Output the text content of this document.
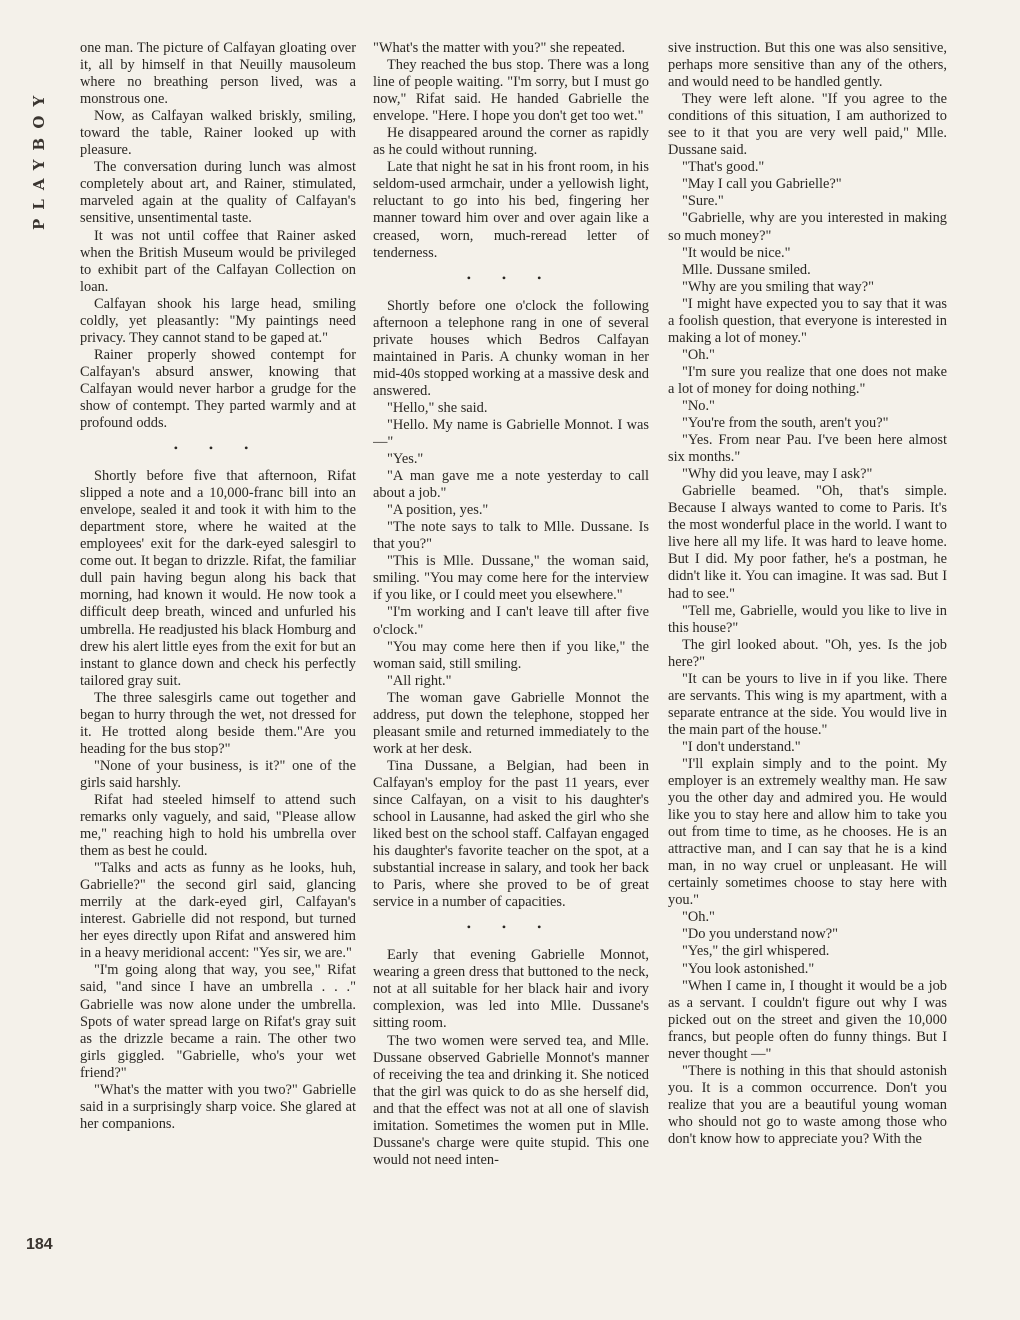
PLAYBOY

one man. The picture of Calfayan gloating over it, all by himself in that Neuilly mausoleum where no breathing person lived, was a monstrous one.

Now, as Calfayan walked briskly, smiling, toward the table, Rainer looked up with pleasure.

The conversation during lunch was almost completely about art, and Rainer, stimulated, marveled again at the quality of Calfayan's sensitive, unsentimental taste.

It was not until coffee that Rainer asked when the British Museum would be privileged to exhibit part of the Calfayan Collection on loan.

Calfayan shook his large head, smiling coldly, yet pleasantly: "My paintings need privacy. They cannot stand to be gaped at."

Rainer properly showed contempt for Calfayan's absurd answer, knowing that Calfayan would never harbor a grudge for the show of contempt. They parted warmly and at profound odds.

• • •

Shortly before five that afternoon, Rifat slipped a note and a 10,000-franc bill into an envelope, sealed it and took it with him to the department store, where he waited at the employees' exit for the dark-eyed salesgirl to come out. It began to drizzle. Rifat, the familiar dull pain having begun along his back that morning, had known it would. He now took a difficult deep breath, winced and unfurled his umbrella. He readjusted his black Homburg and drew his alert little eyes from the exit for but an instant to glance down and check his perfectly tailored gray suit.

The three salesgirls came out together and began to hurry through the wet, not dressed for it. He trotted along beside them."Are you heading for the bus stop?"

"None of your business, is it?" one of the girls said harshly.

Rifat had steeled himself to attend such remarks only vaguely, and said, "Please allow me," reaching high to hold his umbrella over them as best he could.

"Talks and acts as funny as he looks, huh, Gabrielle?" the second girl said, glancing merrily at the dark-eyed girl, Calfayan's interest. Gabrielle did not respond, but turned her eyes directly upon Rifat and answered him in a heavy meridional accent: "Yes sir, we are."

"I'm going along that way, you see," Rifat said, "and since I have an umbrella . . ." Gabrielle was now alone under the umbrella. Spots of water spread large on Rifat's gray suit as the drizzle became a rain. The other two girls giggled. "Gabrielle, who's your wet friend?"

"What's the matter with you two?" Gabrielle said in a surprisingly sharp voice. She glared at her companions.

"What's the matter with you?" she repeated.

They reached the bus stop. There was a long line of people waiting. "I'm sorry, but I must go now," Rifat said. He handed Gabrielle the envelope. "Here. I hope you don't get too wet."

He disappeared around the corner as rapidly as he could without running.

Late that night he sat in his front room, in his seldom-used armchair, under a yellowish light, reluctant to go into his bed, fingering her manner toward him over and over again like a creased, worn, much-reread letter of tenderness.

• • •

Shortly before one o'clock the following afternoon a telephone rang in one of several private houses which Bedros Calfayan maintained in Paris. A chunky woman in her mid-40s stopped working at a massive desk and answered.

"Hello," she said.

"Hello. My name is Gabrielle Monnot. I was —"

"Yes."

"A man gave me a note yesterday to call about a job."

"A position, yes."

"The note says to talk to Mlle. Dussane. Is that you?"

"This is Mlle. Dussane," the woman said, smiling. "You may come here for the interview if you like, or I could meet you elsewhere."

"I'm working and I can't leave till after five o'clock."

"You may come here then if you like," the woman said, still smiling.

"All right."

The woman gave Gabrielle Monnot the address, put down the telephone, stopped her pleasant smile and returned immediately to the work at her desk.

Tina Dussane, a Belgian, had been in Calfayan's employ for the past 11 years, ever since Calfayan, on a visit to his daughter's school in Lausanne, had asked the girl who she liked best on the school staff. Calfayan engaged his daughter's favorite teacher on the spot, at a substantial increase in salary, and took her back to Paris, where she proved to be of great service in a number of capacities.

• • •

Early that evening Gabrielle Monnot, wearing a green dress that buttoned to the neck, not at all suitable for her black hair and ivory complexion, was led into Mlle. Dussane's sitting room.

The two women were served tea, and Mlle. Dussane observed Gabrielle Monnot's manner of receiving the tea and drinking it. She noticed that the girl was quick to do as she herself did, and that the effect was not at all one of slavish imitation. Sometimes the women put in Mlle. Dussane's charge were quite stupid. This one would not need inten-

sive instruction. But this one was also sensitive, perhaps more sensitive than any of the others, and would need to be handled gently.

They were left alone. "If you agree to the conditions of this situation, I am authorized to see to it that you are very well paid," Mlle. Dussane said.

"That's good."

"May I call you Gabrielle?"

"Sure."

"Gabrielle, why are you interested in making so much money?"

"It would be nice."

Mlle. Dussane smiled.

"Why are you smiling that way?"

"I might have expected you to say that it was a foolish question, that everyone is interested in making a lot of money."

"Oh."

"I'm sure you realize that one does not make a lot of money for doing nothing."

"No."

"You're from the south, aren't you?"

"Yes. From near Pau. I've been here almost six months."

"Why did you leave, may I ask?"

Gabrielle beamed. "Oh, that's simple. Because I always wanted to come to Paris. It's the most wonderful place in the world. I want to live here all my life. It was hard to leave home. But I did. My poor father, he's a postman, he didn't like it. You can imagine. It was sad. But I had to see."

"Tell me, Gabrielle, would you like to live in this house?"

The girl looked about. "Oh, yes. Is the job here?"

"It can be yours to live in if you like. There are servants. This wing is my apartment, with a separate entrance at the side. You would live in the main part of the house."

"I don't understand."

"I'll explain simply and to the point. My employer is an extremely wealthy man. He saw you the other day and admired you. He would like you to stay here and allow him to take you out from time to time, as he chooses. He is an attractive man, and I can say that he is a kind man, in no way cruel or unpleasant. He will certainly sometimes choose to stay here with you."

"Oh."

"Do you understand now?"

"Yes," the girl whispered.

"You look astonished."

"When I came in, I thought it would be a job as a servant. I couldn't figure out why I was picked out on the street and given the 10,000 francs, but people often do funny things. But I never thought —"

"There is nothing in this that should astonish you. It is a common occurrence. Don't you realize that you are a beautiful young woman who should not go to waste among those who don't know how to appreciate you? With the

184
